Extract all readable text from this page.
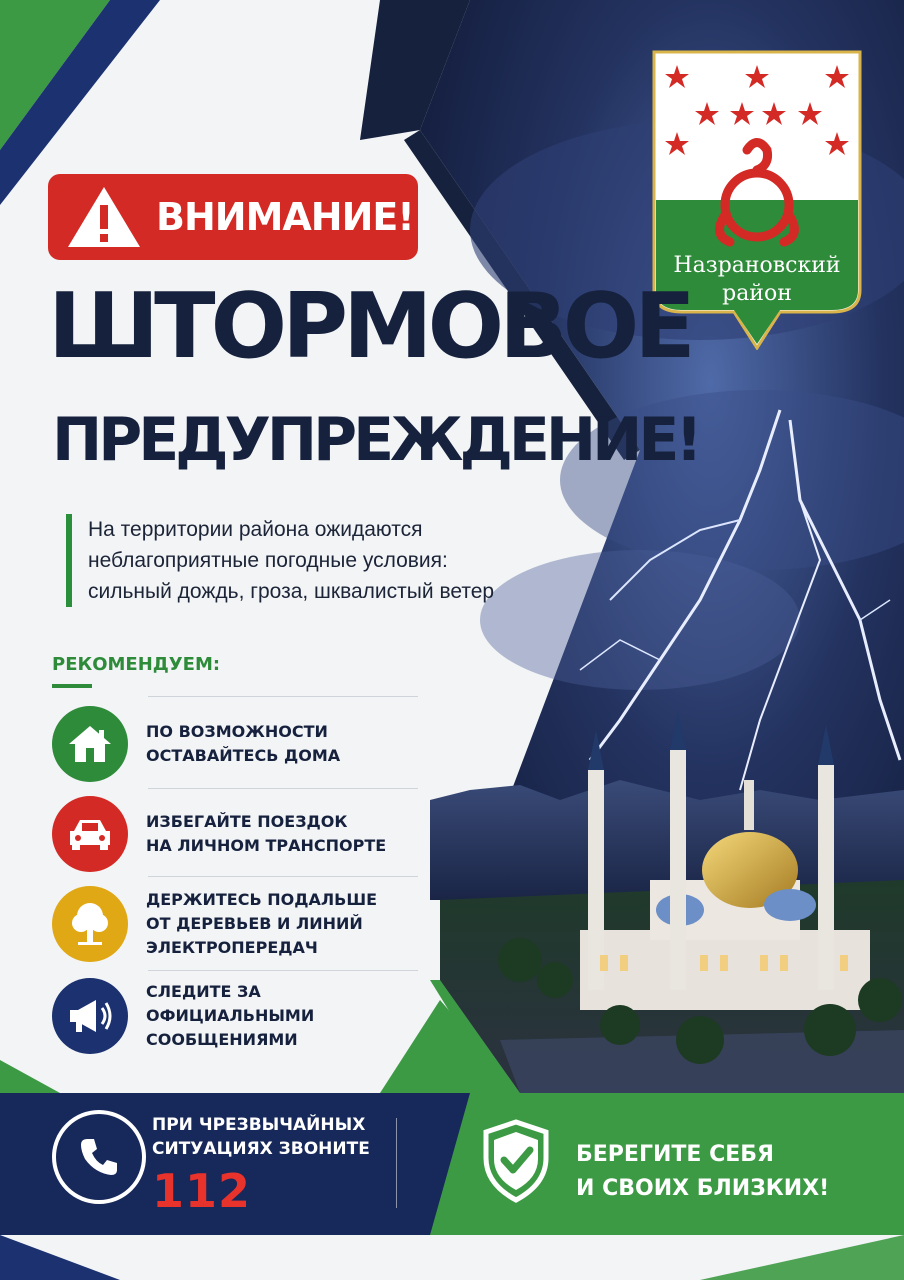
Назрановский
район
ВНИМАНИЕ!
ШТОРМОВОЕ
ПРЕДУПРЕЖДЕНИЕ!
На территории района ожидаются
неблагоприятные погодные условия:
сильный дождь, гроза, шквалистый ветер
РЕКОМЕНДУЕМ:
ПО ВОЗМОЖНОСТИ
ОСТАВАЙТЕСЬ ДОМА
ИЗБЕГАЙТЕ ПОЕЗДОК
НА ЛИЧНОМ ТРАНСПОРТЕ
ДЕРЖИТЕСЬ ПОДАЛЬШЕ
ОТ ДЕРЕВЬЕВ И ЛИНИЙ
ЭЛЕКТРОПЕРЕДАЧ
СЛЕДИТЕ ЗА ОФИЦИАЛЬНЫМИ
СООБЩЕНИЯМИ
ПРИ ЧРЕЗВЫЧАЙНЫХ
СИТУАЦИЯХ ЗВОНИТЕ
112
БЕРЕГИТЕ СЕБЯ
И СВОИХ БЛИЗКИХ!
